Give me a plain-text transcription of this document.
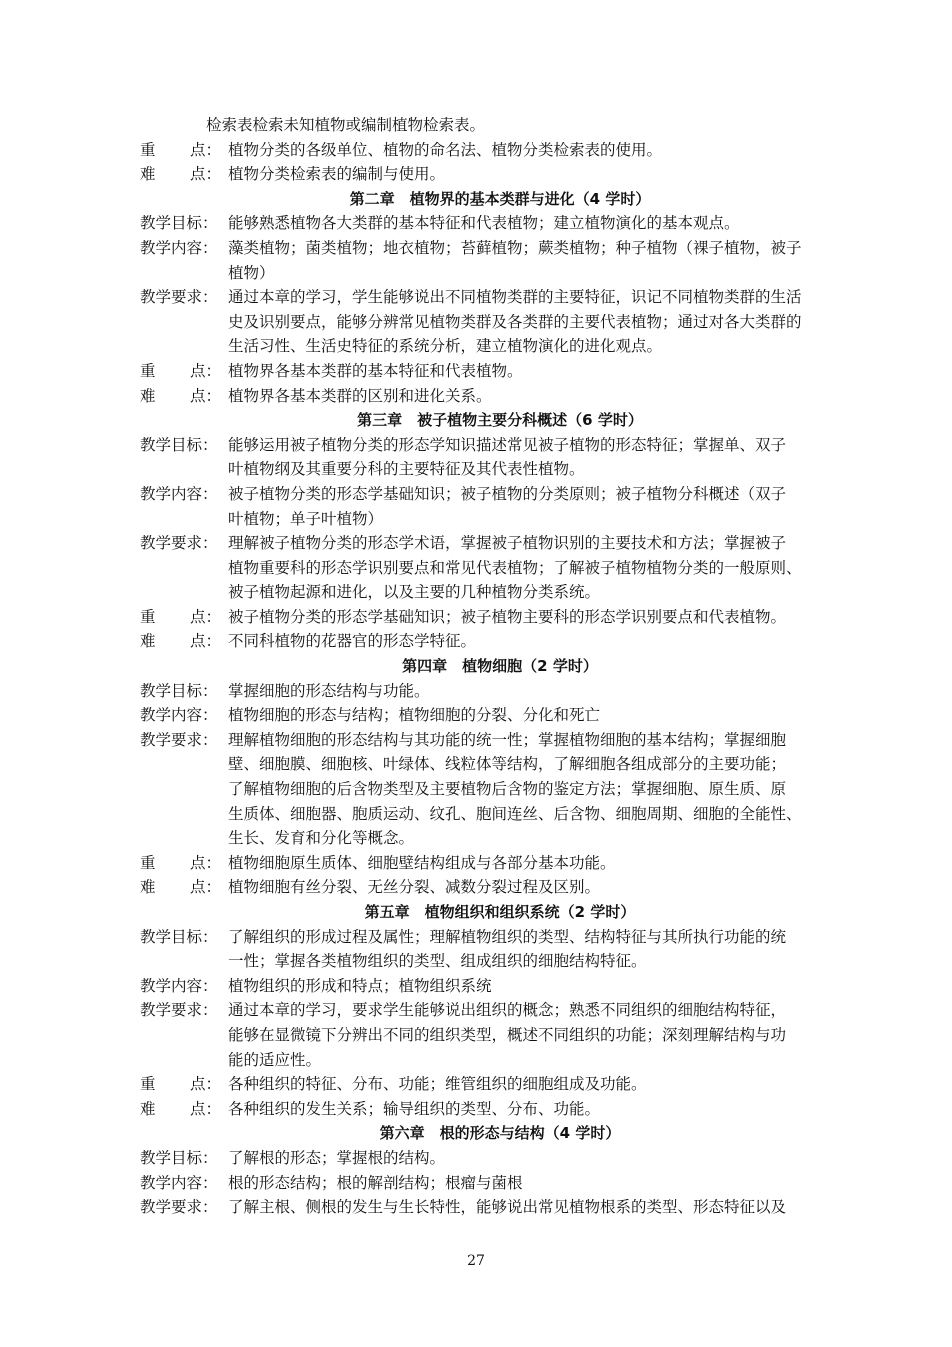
检索表检索未知植物或编制植物检索表。
重 点： 植物分类的各级单位、植物的命名法、植物分类检索表的使用。
难 点： 植物分类检索表的编制与使用。
第二章　植物界的基本类群与进化（4 学时）
教学目标： 能够熟悉植物各大类群的基本特征和代表植物；建立植物演化的基本观点。
教学内容： 藻类植物；菌类植物；地衣植物；苔藓植物；蕨类植物；种子植物（裸子植物，被子
植物）
教学要求： 通过本章的学习，学生能够说出不同植物类群的主要特征，识记不同植物类群的生活
史及识别要点，能够分辨常见植物类群及各类群的主要代表植物；通过对各大类群的
生活习性、生活史特征的系统分析，建立植物演化的进化观点。
重 点： 植物界各基本类群的基本特征和代表植物。
难 点： 植物界各基本类群的区别和进化关系。
第三章　被子植物主要分科概述（6 学时）
教学目标： 能够运用被子植物分类的形态学知识描述常见被子植物的形态特征；掌握单、双子
叶植物纲及其重要分科的主要特征及其代表性植物。
教学内容： 被子植物分类的形态学基础知识；被子植物的分类原则；被子植物分科概述（双子
叶植物；单子叶植物）
教学要求： 理解被子植物分类的形态学术语，掌握被子植物识别的主要技术和方法；掌握被子
植物重要科的形态学识别要点和常见代表植物；了解被子植物植物分类的一般原则、
被子植物起源和进化，以及主要的几种植物分类系统。
重 点： 被子植物分类的形态学基础知识；被子植物主要科的形态学识别要点和代表植物。
难 点： 不同科植物的花器官的形态学特征。
第四章　植物细胞（2 学时）
教学目标： 掌握细胞的形态结构与功能。
教学内容： 植物细胞的形态与结构；植物细胞的分裂、分化和死亡
教学要求： 理解植物细胞的形态结构与其功能的统一性；掌握植物细胞的基本结构；掌握细胞
壁、细胞膜、细胞核、叶绿体、线粒体等结构，了解细胞各组成部分的主要功能；
了解植物细胞的后含物类型及主要植物后含物的鉴定方法；掌握细胞、原生质、原
生质体、细胞器、胞质运动、纹孔、胞间连丝、后含物、细胞周期、细胞的全能性、
生长、发育和分化等概念。
重 点： 植物细胞原生质体、细胞壁结构组成与各部分基本功能。
难 点： 植物细胞有丝分裂、无丝分裂、减数分裂过程及区别。
第五章　植物组织和组织系统（2 学时）
教学目标： 了解组织的形成过程及属性；理解植物组织的类型、结构特征与其所执行功能的统
一性；掌握各类植物组织的类型、组成组织的细胞结构特征。
教学内容： 植物组织的形成和特点；植物组织系统
教学要求： 通过本章的学习，要求学生能够说出组织的概念；熟悉不同组织的细胞结构特征，
能够在显微镜下分辨出不同的组织类型，概述不同组织的功能；深刻理解结构与功
能的适应性。
重 点： 各种组织的特征、分布、功能；维管组织的细胞组成及功能。
难 点： 各种组织的发生关系；输导组织的类型、分布、功能。
第六章　根的形态与结构（4 学时）
教学目标： 了解根的形态；掌握根的结构。
教学内容： 根的形态结构；根的解剖结构；根瘤与菌根
教学要求： 了解主根、侧根的发生与生长特性，能够说出常见植物根系的类型、形态特征以及
27
